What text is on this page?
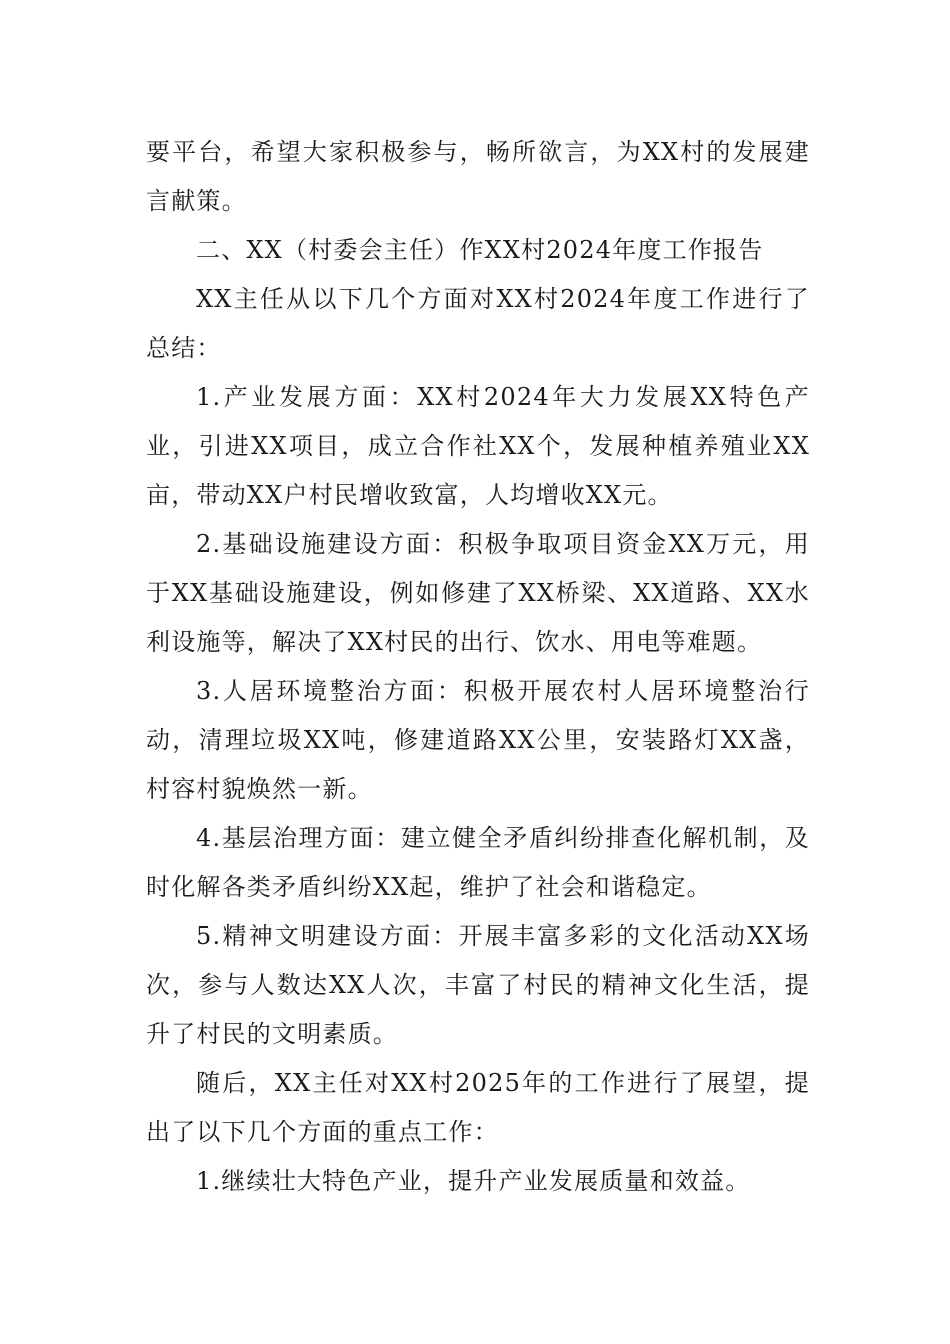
要平台，希望大家积极参与，畅所欲言，为XX村的发展建言献策。

二、XX（村委会主任）作XX村2024年度工作报告

XX主任从以下几个方面对XX村2024年度工作进行了总结：

1.产业发展方面：XX村2024年大力发展XX特色产业，引进XX项目，成立合作社XX个，发展种植养殖业XX亩，带动XX户村民增收致富，人均增收XX元。

2.基础设施建设方面：积极争取项目资金XX万元，用于XX基础设施建设，例如修建了XX桥梁、XX道路、XX水利设施等，解决了XX村民的出行、饮水、用电等难题。

3.人居环境整治方面：积极开展农村人居环境整治行动，清理垃圾XX吨，修建道路XX公里，安装路灯XX盏，村容村貌焕然一新。

4.基层治理方面：建立健全矛盾纠纷排查化解机制，及时化解各类矛盾纠纷XX起，维护了社会和谐稳定。

5.精神文明建设方面：开展丰富多彩的文化活动XX场次，参与人数达XX人次，丰富了村民的精神文化生活，提升了村民的文明素质。

随后，XX主任对XX村2025年的工作进行了展望，提出了以下几个方面的重点工作：

1.继续壮大特色产业，提升产业发展质量和效益。
